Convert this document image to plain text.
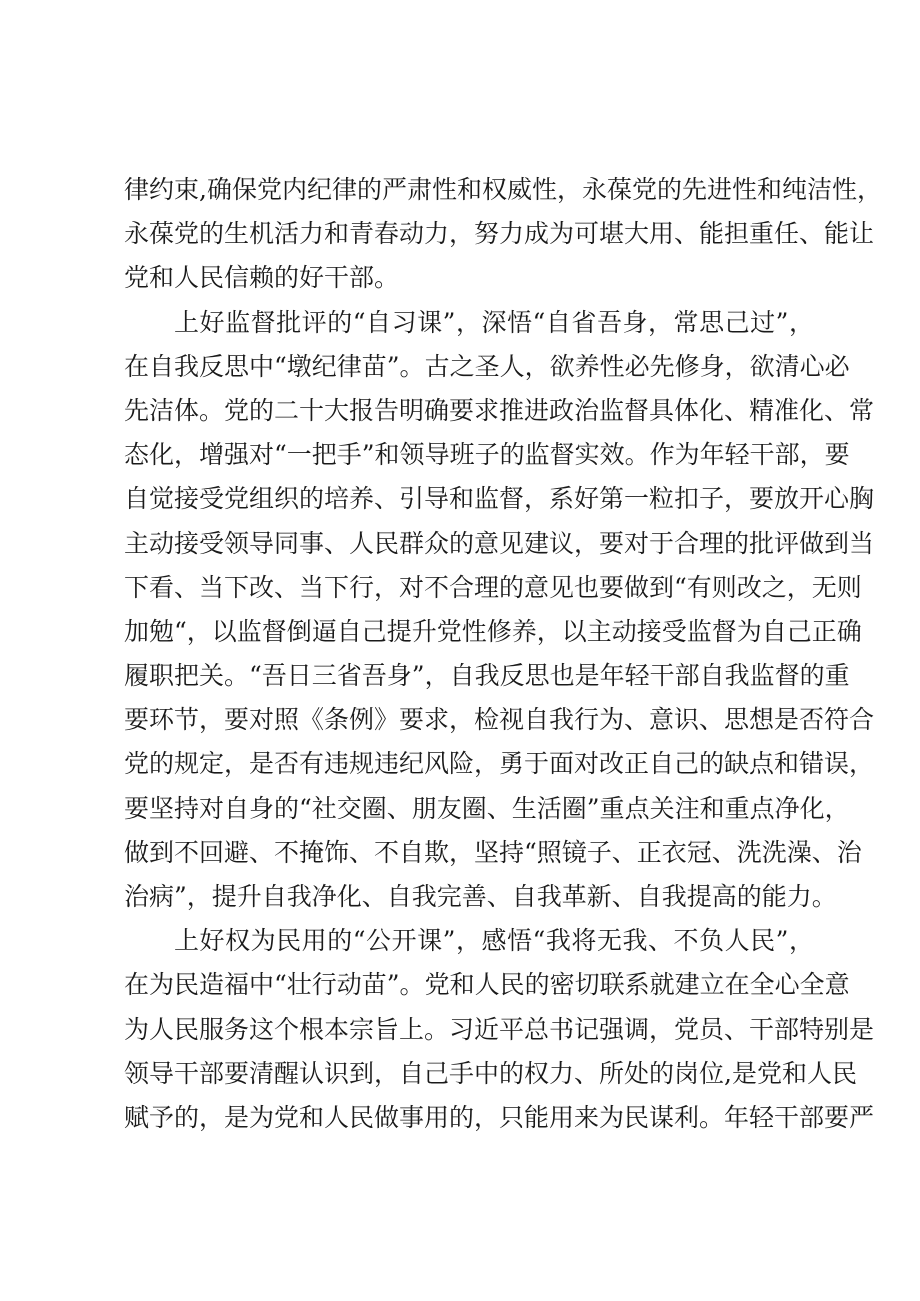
律约束,确保党内纪律的严肃性和权威性，永葆党的先进性和纯洁性，
永葆党的生机活力和青春动力，努力成为可堪大用、能担重任、能让
党和人民信赖的好干部。
上好监督批评的“自习课”，深悟“自省吾身，常思己过”，
在自我反思中“墩纪律苗”。古之圣人，欲养性必先修身，欲清心必
先洁体。党的二十大报告明确要求推进政治监督具体化、精准化、常
态化，增强对“一把手”和领导班子的监督实效。作为年轻干部，要
自觉接受党组织的培养、引导和监督，系好第一粒扣子，要放开心胸
主动接受领导同事、人民群众的意见建议，要对于合理的批评做到当
下看、当下改、当下行，对不合理的意见也要做到“有则改之，无则
加勉“，以监督倒逼自己提升党性修养，以主动接受监督为自己正确
履职把关。“吾日三省吾身”，自我反思也是年轻干部自我监督的重
要环节，要对照《条例》要求，检视自我行为、意识、思想是否符合
党的规定，是否有违规违纪风险，勇于面对改正自己的缺点和错误，
要坚持对自身的“社交圈、朋友圈、生活圈”重点关注和重点净化，
做到不回避、不掩饰、不自欺，坚持“照镜子、正衣冠、洗洗澡、治
治病”，提升自我净化、自我完善、自我革新、自我提高的能力。
上好权为民用的“公开课”，感悟“我将无我、不负人民”，
在为民造福中“壮行动苗”。党和人民的密切联系就建立在全心全意
为人民服务这个根本宗旨上。习近平总书记强调，党员、干部特别是
领导干部要清醒认识到，自己手中的权力、所处的岗位,是党和人民
赋予的，是为党和人民做事用的，只能用来为民谋利。年轻干部要严
